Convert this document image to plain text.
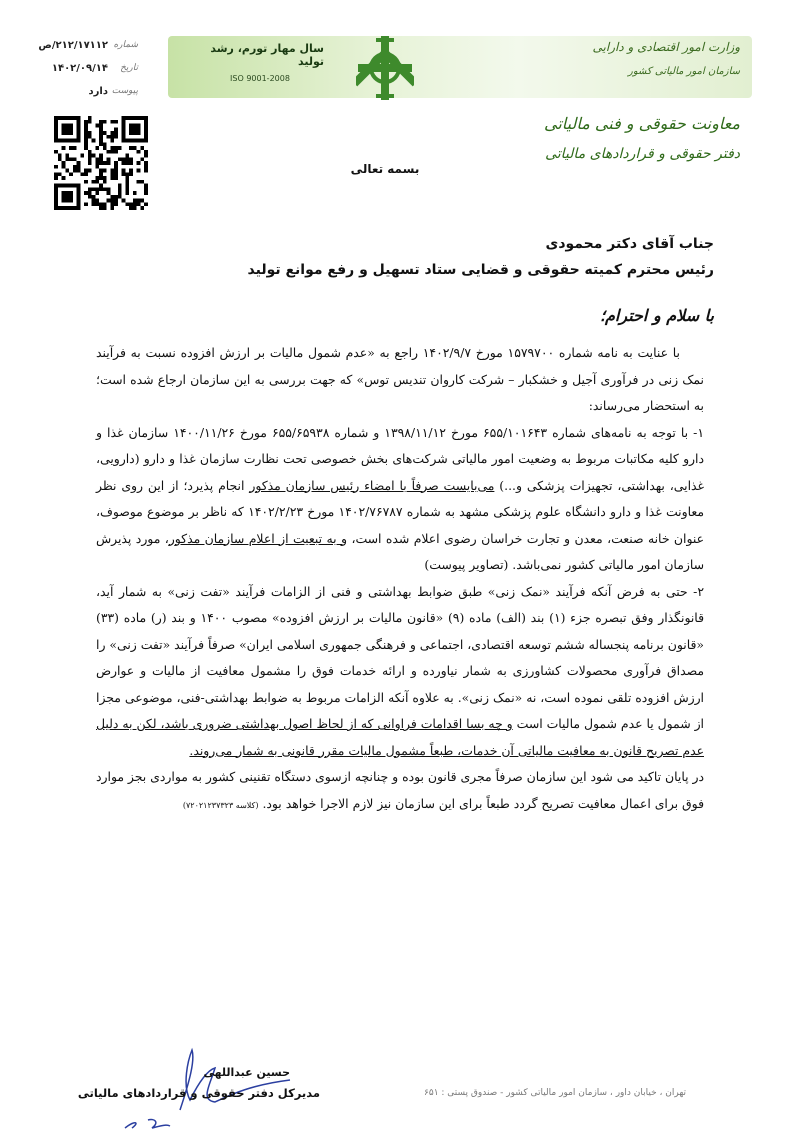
سال مهار تورم، رشد تولید
ISO 9001-2008
وزارت امور اقتصادی و دارایی
سازمان امور مالیاتی کشور
معاونت حقوقی و فنی مالیاتی
دفتر حقوقی و قراردادهای مالیاتی
شماره
۲۱۲/۱۷۱۱۲/ص
تاریخ
۱۴۰۲/۰۹/۱۴
پیوست
دارد
بسمه تعالی
جناب آقای دکتر محمودی
رئیس محترم کمیته حقوقی و قضایی ستاد تسهیل و رفع موانع تولید
با سلام و احترام؛

با عنایت به نامه شماره ۱۵۷۹۷۰۰ مورخ ۱۴۰۲/۹/۷ راجع به «عدم شمول مالیات بر ارزش افزوده نسبت به فرآیند نمک زنی در فرآوری آجیل و خشکبار – شرکت کاروان تندیس توس» که جهت بررسی به این سازمان ارجاع شده است؛ به استحضار می‌رساند:

۱- با توجه به نامه‌های شماره ۶۵۵/۱۰۱۶۴۳ مورخ ۱۳۹۸/۱۱/۱۲ و شماره ۶۵۵/۶۵۹۳۸ مورخ ۱۴۰۰/۱۱/۲۶ سازمان غذا و دارو کلیه مکاتبات مربوط به وضعیت امور مالیاتی شرکت‌های بخش خصوصی تحت نظارت سازمان غذا و دارو (دارویی، غذایی، بهداشتی، تجهیزات پزشکی و...) می‌بایست صرفاً با امضاء رئیس سازمان مذکور انجام پذیرد؛ از این روی نظر معاونت غذا و دارو دانشگاه علوم پزشکی مشهد به شماره ۱۴۰۲/۷۶۷۸۷ مورخ ۱۴۰۲/۲/۲۳ که ناظر بر موضوع موصوف، عنوان خانه صنعت، معدن و تجارت خراسان رضوی اعلام شده است، و به تبعیت از اعلام سازمان مذکور، مورد پذیرش سازمان امور مالیاتی کشور نمی‌باشد. (تصاویر پیوست)

۲- حتی به فرض آنکه فرآیند «نمک زنی» طبق ضوابط بهداشتی و فنی از الزامات فرآیند «تفت زنی» به شمار آید، قانونگذار وفق تبصره جزء (۱) بند (الف) ماده (۹) «قانون مالیات بر ارزش افزوده» مصوب ۱۴۰۰ و بند (ر) ماده (۳۳) «قانون برنامه پنجساله ششم توسعه اقتصادی، اجتماعی و فرهنگی جمهوری اسلامی ایران» صرفاً فرآیند «تفت زنی» را مصداق فرآوری محصولات کشاورزی به شمار نیاورده و ارائه خدمات فوق را مشمول معافیت از مالیات و عوارض ارزش افزوده تلقی نموده است، نه «نمک زنی». به علاوه آنکه الزامات مربوط به ضوابط بهداشتی-فنی، موضوعی مجزا از شمول یا عدم شمول مالیات است و چه بسا اقدامات فراوانی که از لحاظ اصول بهداشتی ضروری باشد، لکن به دلیل عدم تصریح قانون به معافیت مالیاتی آن خدمات، طبعاً مشمول مالیات مقرر قانونی به شمار می‌روند.

در پایان تاکید می شود این سازمان صرفاً مجری قانون بوده و چنانچه ازسوی دستگاه تقنینی کشور به مواردی بجز موارد فوق برای اعمال معافیت تصریح گردد طبعاً برای این سازمان نیز لازم الاجرا خواهد بود. (کلاسه ۷۲۰۲۱۲۳۷۳۲۳)

حسین عبداللهی
مدیرکل دفتر حقوقی و قراردادهای مالیاتی	تهران ، خیابان داور ، سازمان امور مالیاتی کشور - صندوق پستی : ۶۵۱
